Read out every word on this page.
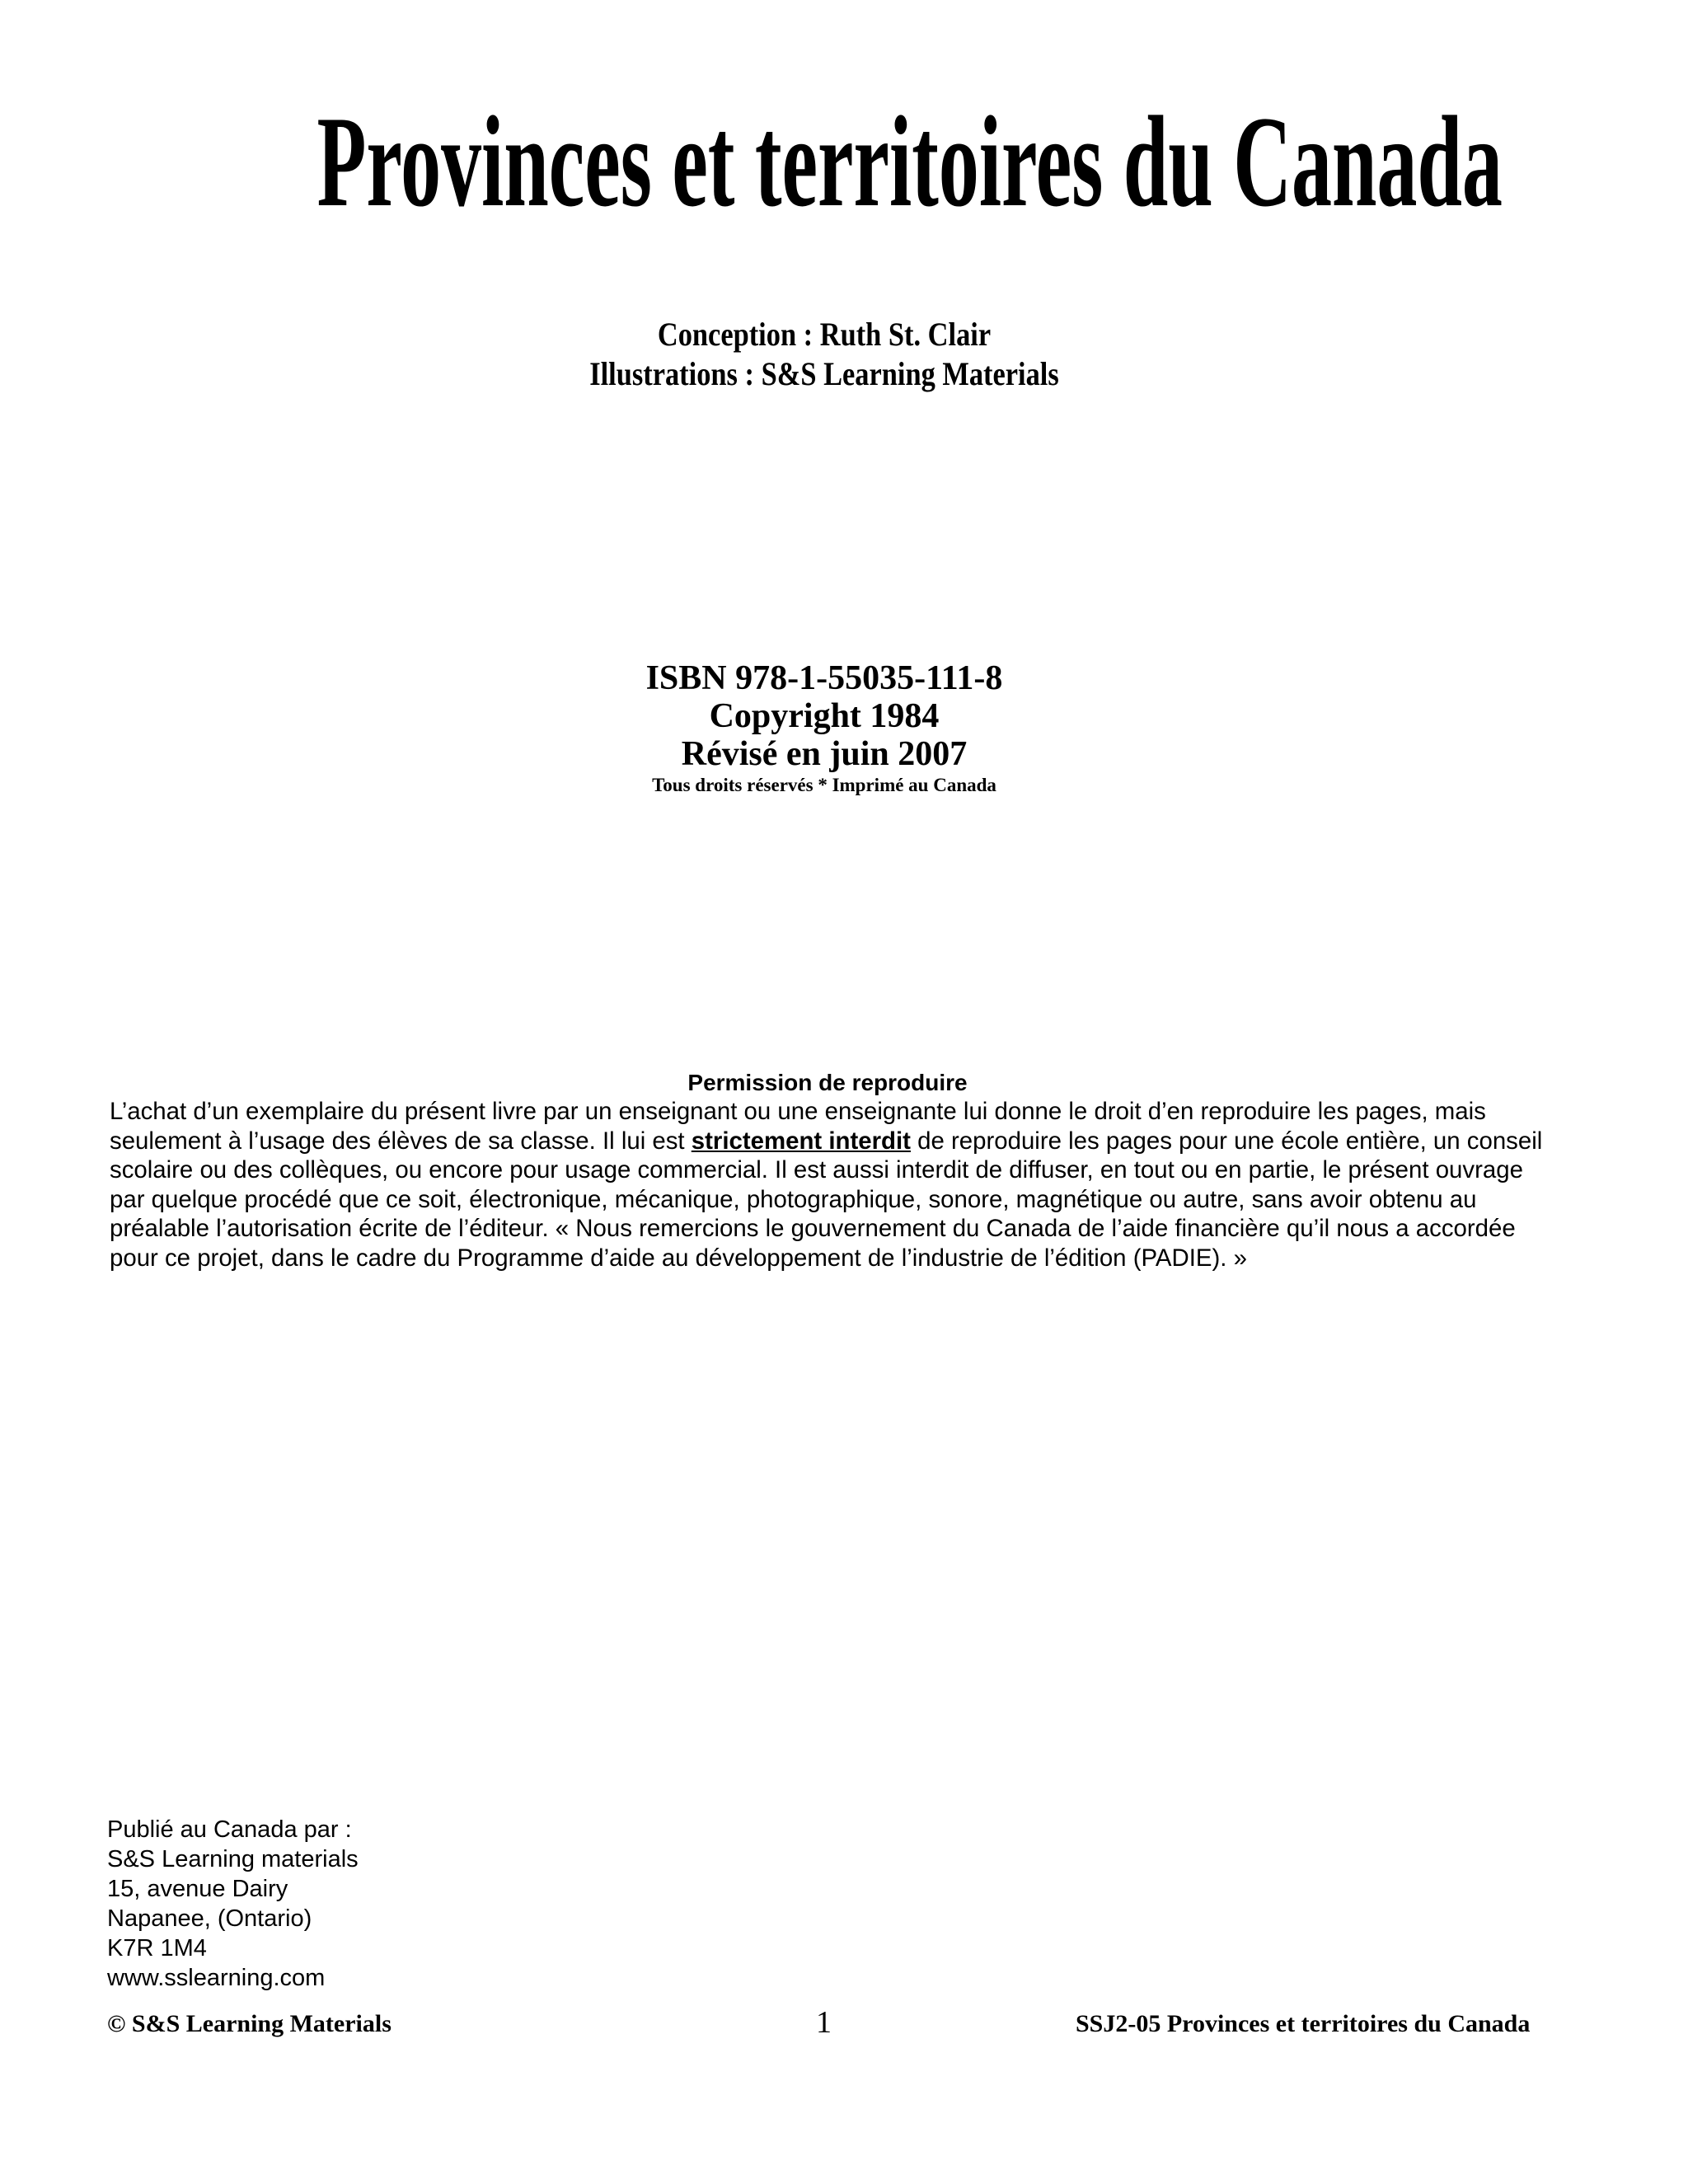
Provinces et territoires du Canada
Conception : Ruth St. Clair
Illustrations : S&S Learning Materials
ISBN 978-1-55035-111-8
Copyright 1984
Révisé en juin 2007
Tous droits réservés * Imprimé au Canada
Permission de reproduire

L’achat d’un exemplaire du présent livre par un enseignant ou une enseignante lui donne le droit d’en reproduire les pages, mais seulement à l’usage des élèves de sa classe. Il lui est strictement interdit de reproduire les pages pour une école entière, un conseil scolaire ou des collèques, ou encore pour usage commercial. Il est aussi interdit de diffuser, en tout ou en partie, le présent ouvrage par quelque procédé que ce soit, électronique, mécanique, photographique, sonore, magnétique ou autre, sans avoir obtenu au préalable l’autorisation écrite de l’éditeur. « Nous remercions le gouvernement du Canada de l’aide financière qu’il nous a accordée pour ce projet, dans le cadre du Programme d’aide au développement de l’industrie de l’édition (PADIE). »

Publié au Canada par :
S&S Learning materials
15, avenue Dairy
Napanee, (Ontario)
K7R 1M4
www.sslearning.com
© S&S Learning Materials	1	SSJ2-05 Provinces et territoires du Canada
